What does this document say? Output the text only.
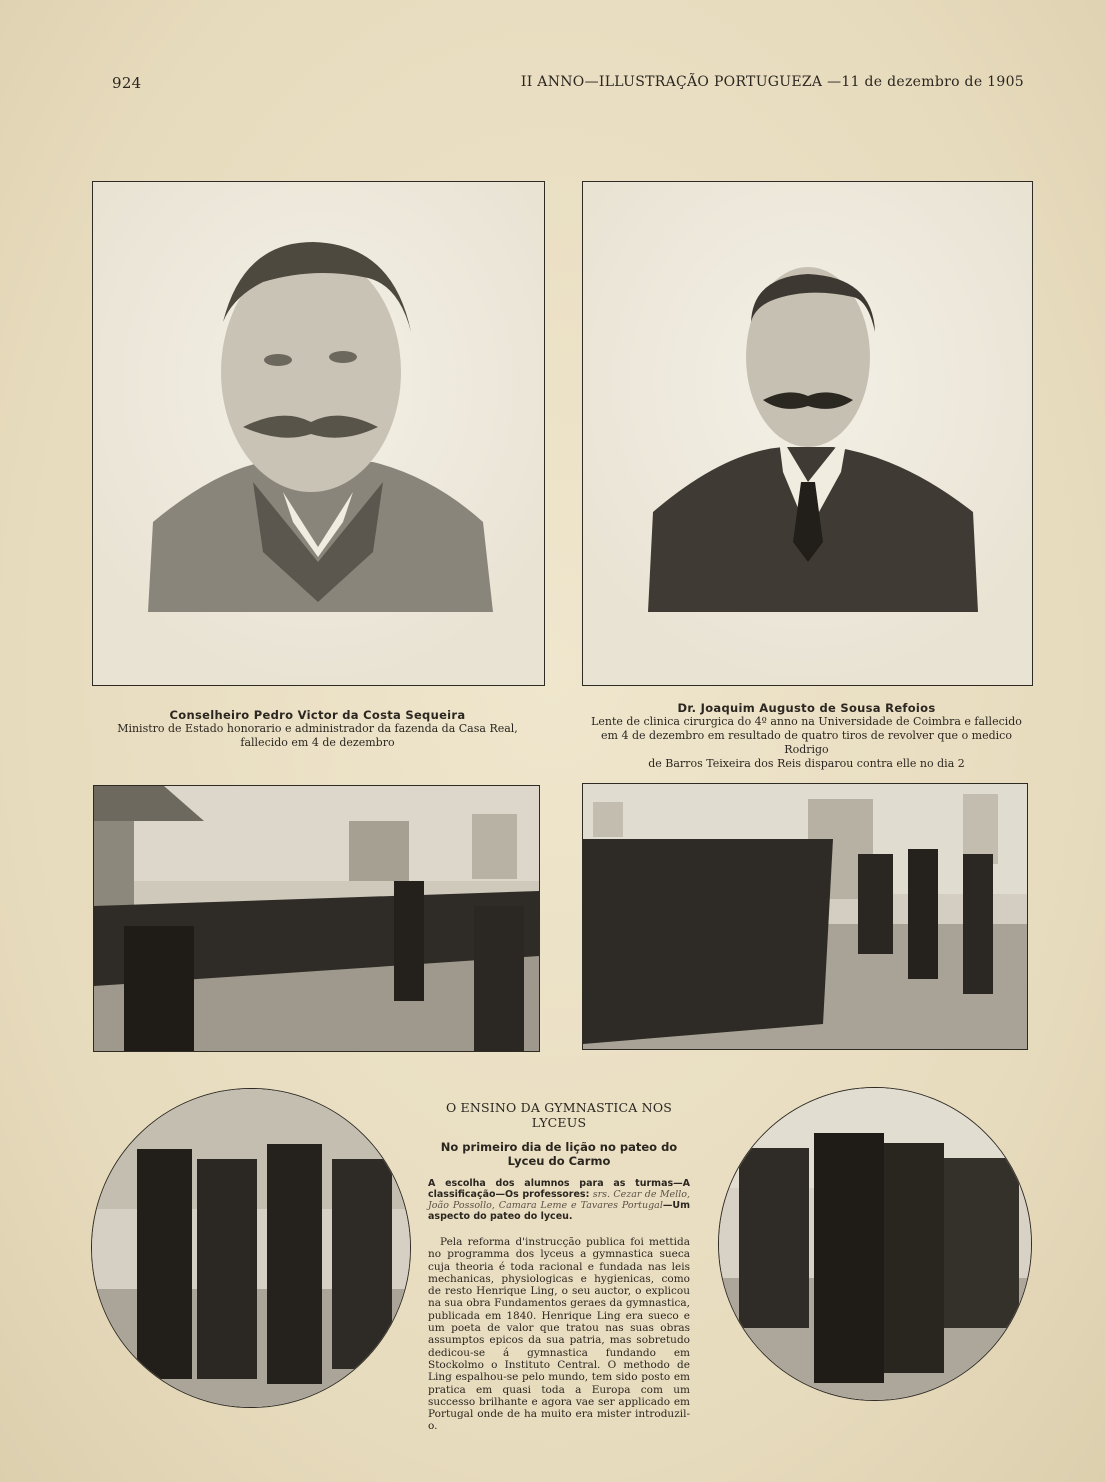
924	II ANNO—ILLUSTRAÇÃO PORTUGUEZA —11 de dezembro de 1905
Conselheiro Pedro Victor da Costa Sequeira
Ministro de Estado honorario e administrador da fazenda da Casa Real,
fallecido em 4 de dezembro
Dr. Joaquim Augusto de Sousa Refoios
Lente de clinica cirurgica do 4º anno na Universidade de Coimbra e fallecido
em 4 de dezembro em resultado de quatro tiros de revolver que o medico Rodrigo
de Barros Teixeira dos Reis disparou contra elle no dia 2
O ENSINO DA GYMNASTICA NOS LYCEUS
No primeiro dia de lição no pateo do
Lyceu do Carmo
A escolha dos alumnos para as turmas—A classificação—Os professores: srs. Cezar de Mello, João Possollo, Camara Leme e Tavares Portugal—Um aspecto do pateo do lyceu.
Pela reforma d'instrucção publica foi mettida no programma dos lyceus a gymnastica sueca cuja theoria é toda racional e fundada nas leis mechanicas, physiologicas e hygienicas, como de resto Henrique Ling, o seu auctor, o explicou na sua obra Fundamentos geraes da gymnastica, publicada em 1840. Henrique Ling era sueco e um poeta de valor que tratou nas suas obras assumptos epicos da sua patria, mas sobretudo dedicou-se á gymnastica fundando em Stockolmo o Instituto Central. O methodo de Ling espalhou-se pelo mundo, tem sido posto em pratica em quasi toda a Europa com um successo brilhante e agora vae ser applicado em Portugal onde de ha muito era mister introduzil-o.
